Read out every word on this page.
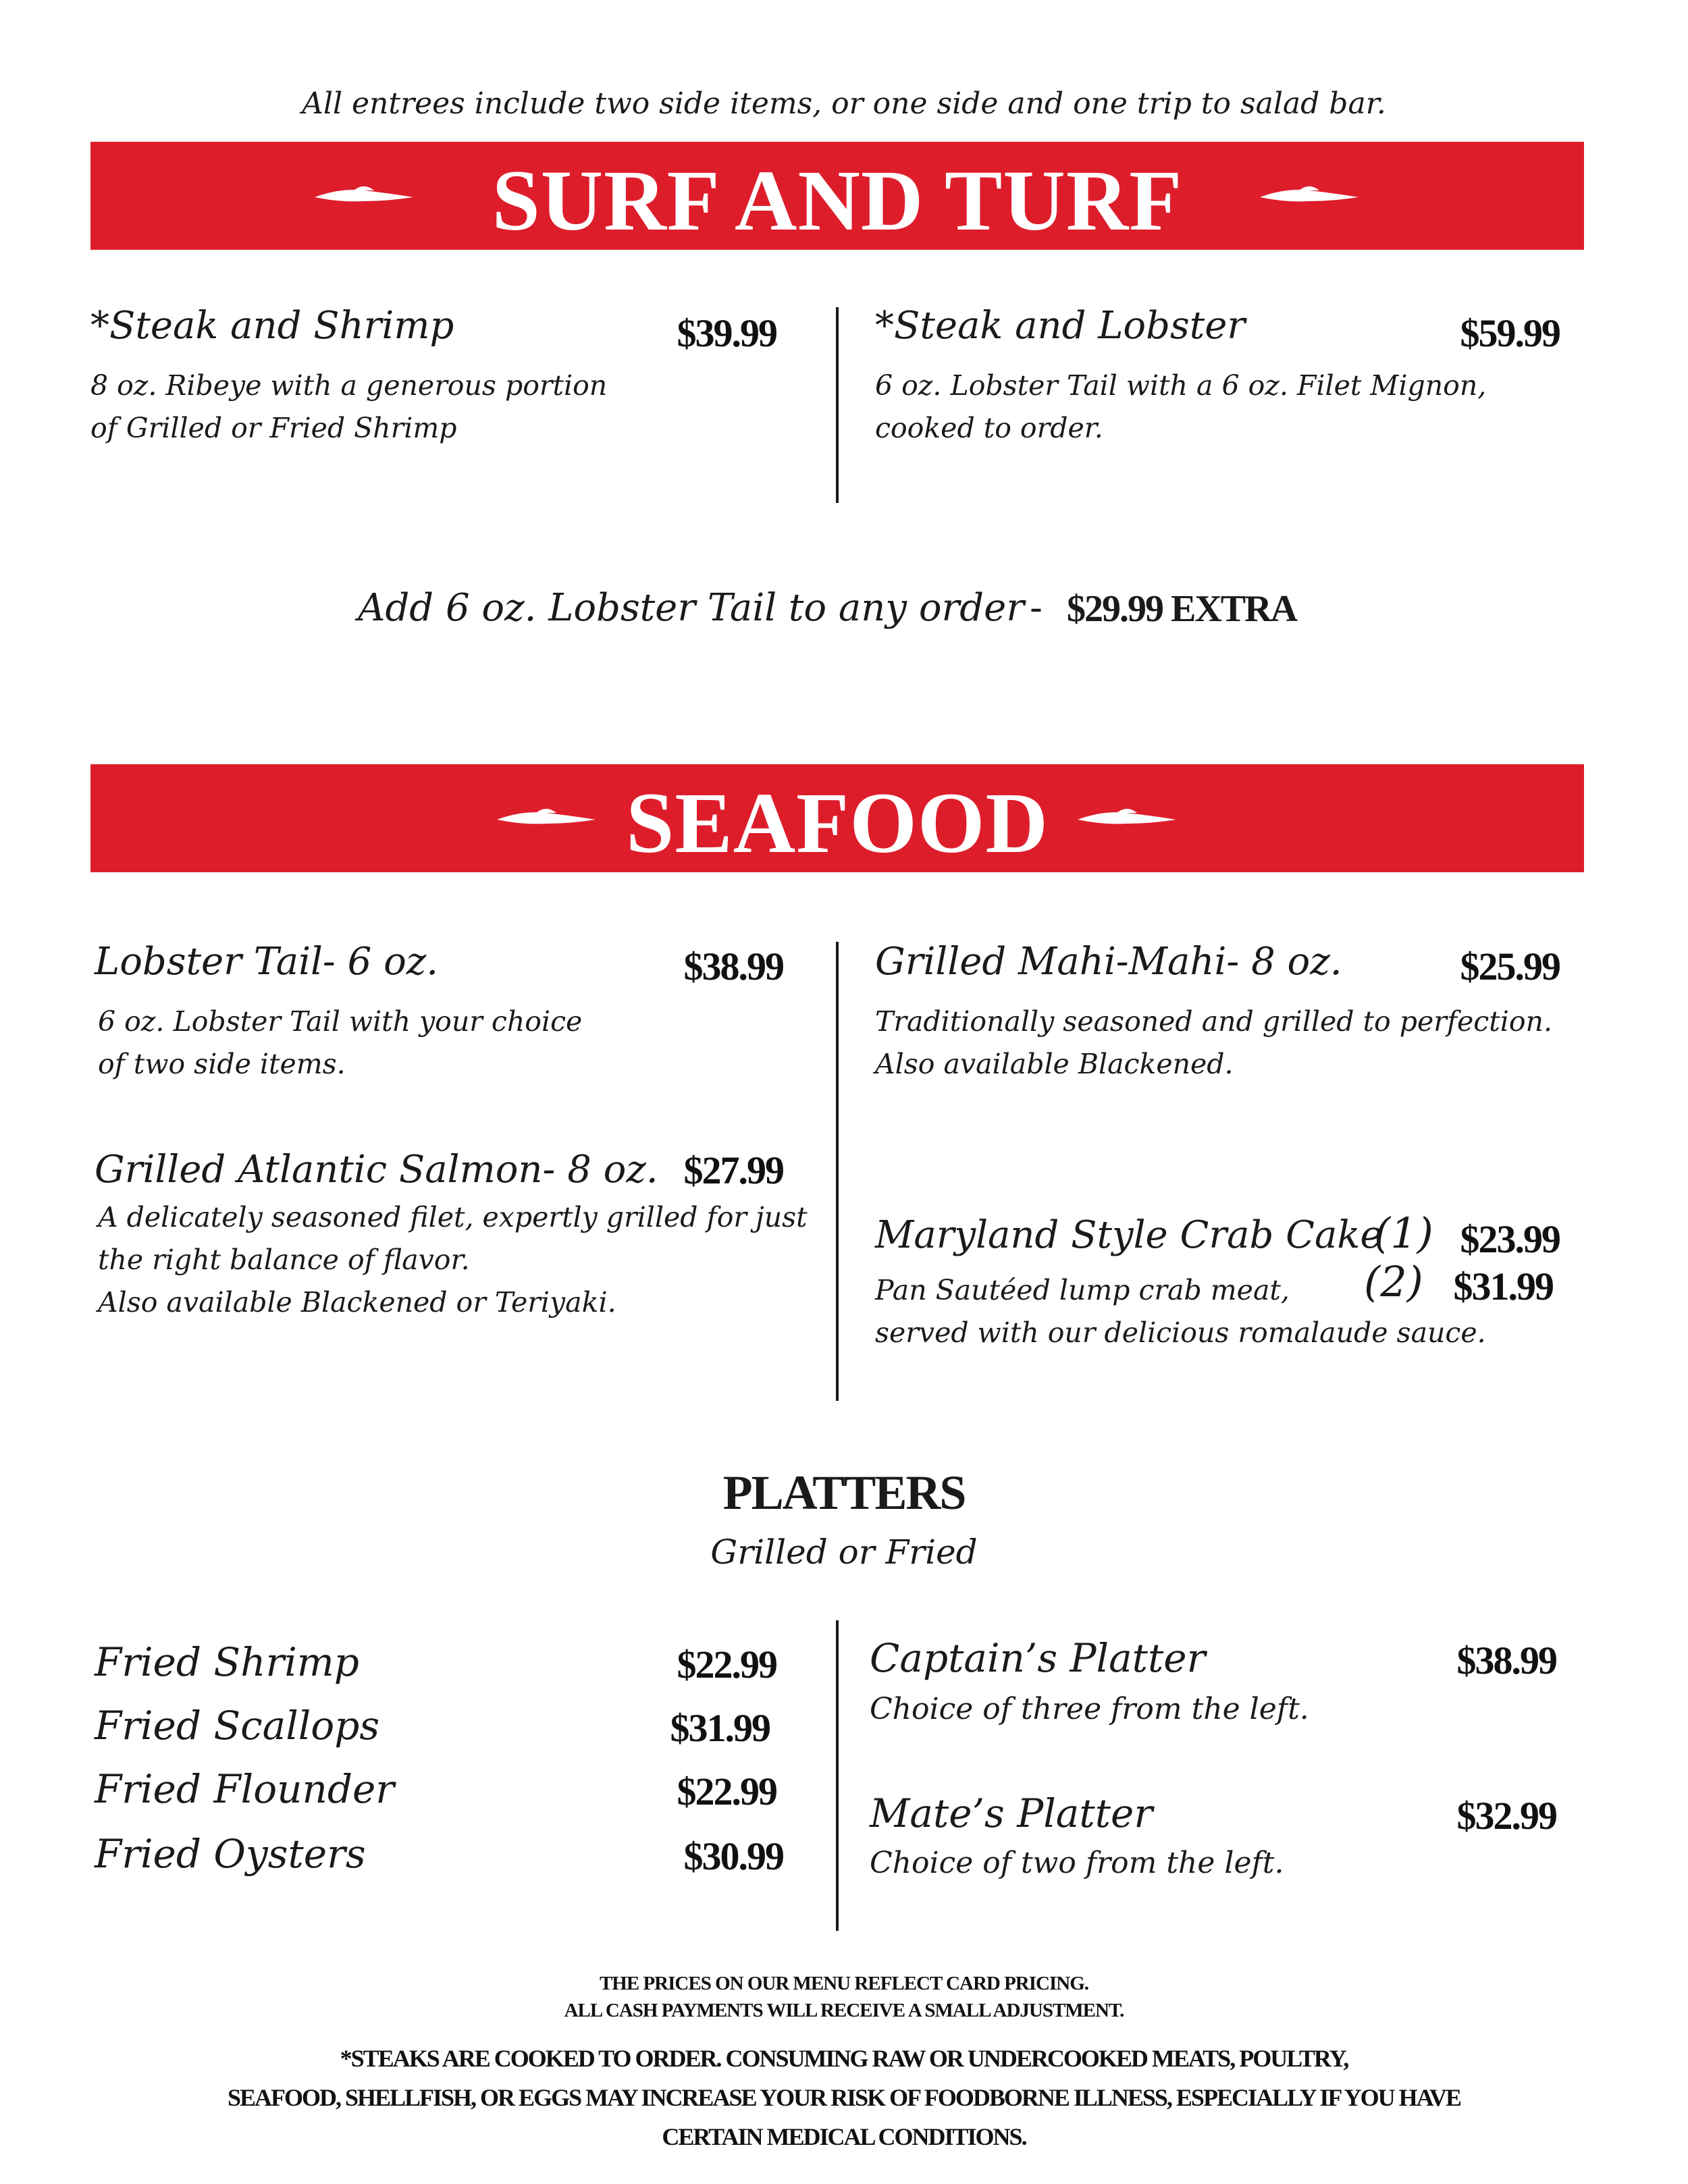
All entrees include two side items, or one side and one trip to salad bar.
SURF AND TURF
*Steak and Shrimp	$39.99
8 oz. Ribeye with a generous portion
of Grilled or Fried Shrimp
*Steak and Lobster	$59.99
6 oz. Lobster Tail with a 6 oz. Filet Mignon,
cooked to order.
Add 6 oz. Lobster Tail to any order - $29.99 EXTRA
SEAFOOD
Lobster Tail- 6 oz.	$38.99
6 oz. Lobster Tail with your choice
of two side items.
Grilled Mahi-Mahi- 8 oz.	$25.99
Traditionally seasoned and grilled to perfection.
Also available Blackened.
Grilled Atlantic Salmon- 8 oz. $27.99
A delicately seasoned filet, expertly grilled for just
the right balance of flavor.
Also available Blackened or Teriyaki.
Maryland Style Crab Cake
(1) $23.99
(2) $31.99
Pan Sautéed lump crab meat,
served with our delicious romalaude sauce.
PLATTERS
Grilled or Fried
Fried Shrimp	$22.99
Fried Scallops	$31.99
Fried Flounder	$22.99
Fried Oysters	$30.99
Captain’s Platter	$38.99
Choice of three from the left.
Mate’s Platter	$32.99
Choice of two from the left.
THE PRICES ON OUR MENU REFLECT CARD PRICING.
ALL CASH PAYMENTS WILL RECEIVE A SMALL ADJUSTMENT.
*STEAKS ARE COOKED TO ORDER. CONSUMING RAW OR UNDERCOOKED MEATS, POULTRY,
SEAFOOD, SHELLFISH, OR EGGS MAY INCREASE YOUR RISK OF FOODBORNE ILLNESS, ESPECIALLY IF YOU HAVE
CERTAIN MEDICAL CONDITIONS.
